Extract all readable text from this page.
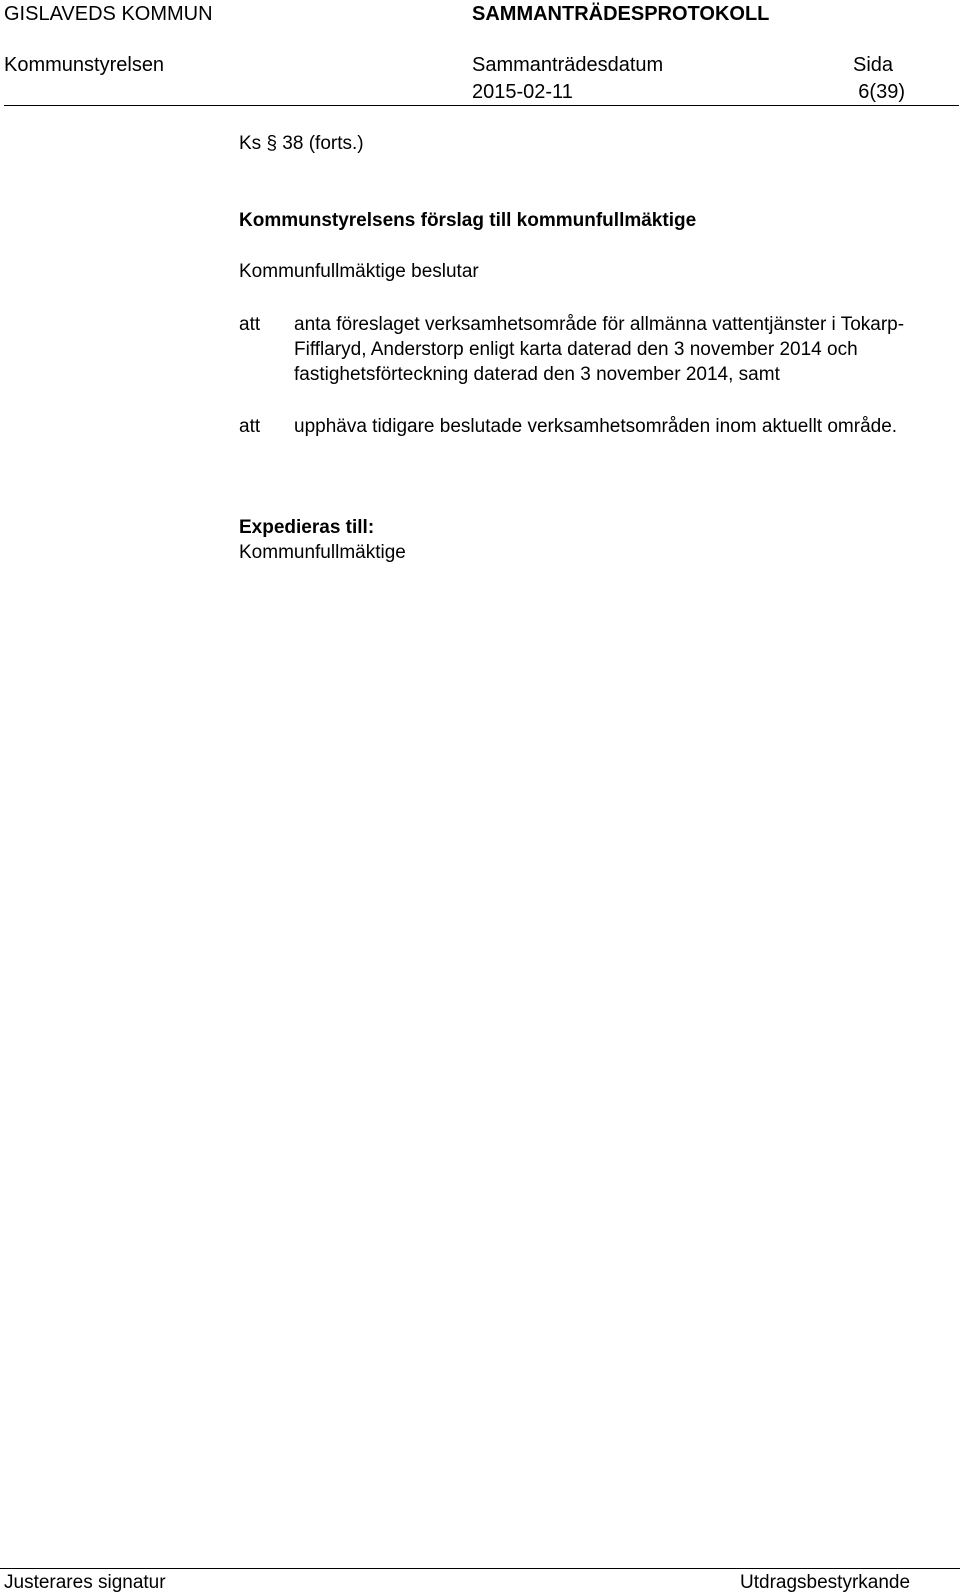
GISLAVEDS KOMMUN	SAMMANTRÄDESPROTOKOLL
Kommunstyrelsen	Sammanträdesdatum	Sida
2015-02-11	6(39)
Ks § 38 (forts.)
Kommunstyrelsens förslag till kommunfullmäktige
Kommunfullmäktige beslutar
att anta föreslaget verksamhetsområde för allmänna vattentjänster i Tokarp-Fifflaryd, Anderstorp enligt karta daterad den 3 november 2014 och fastighetsförteckning daterad den 3 november 2014, samt
att upphäva tidigare beslutade verksamhetsområden inom aktuellt område.
Expedieras till:
Kommunfullmäktige
Justerares signatur	Utdragsbestyrkande
